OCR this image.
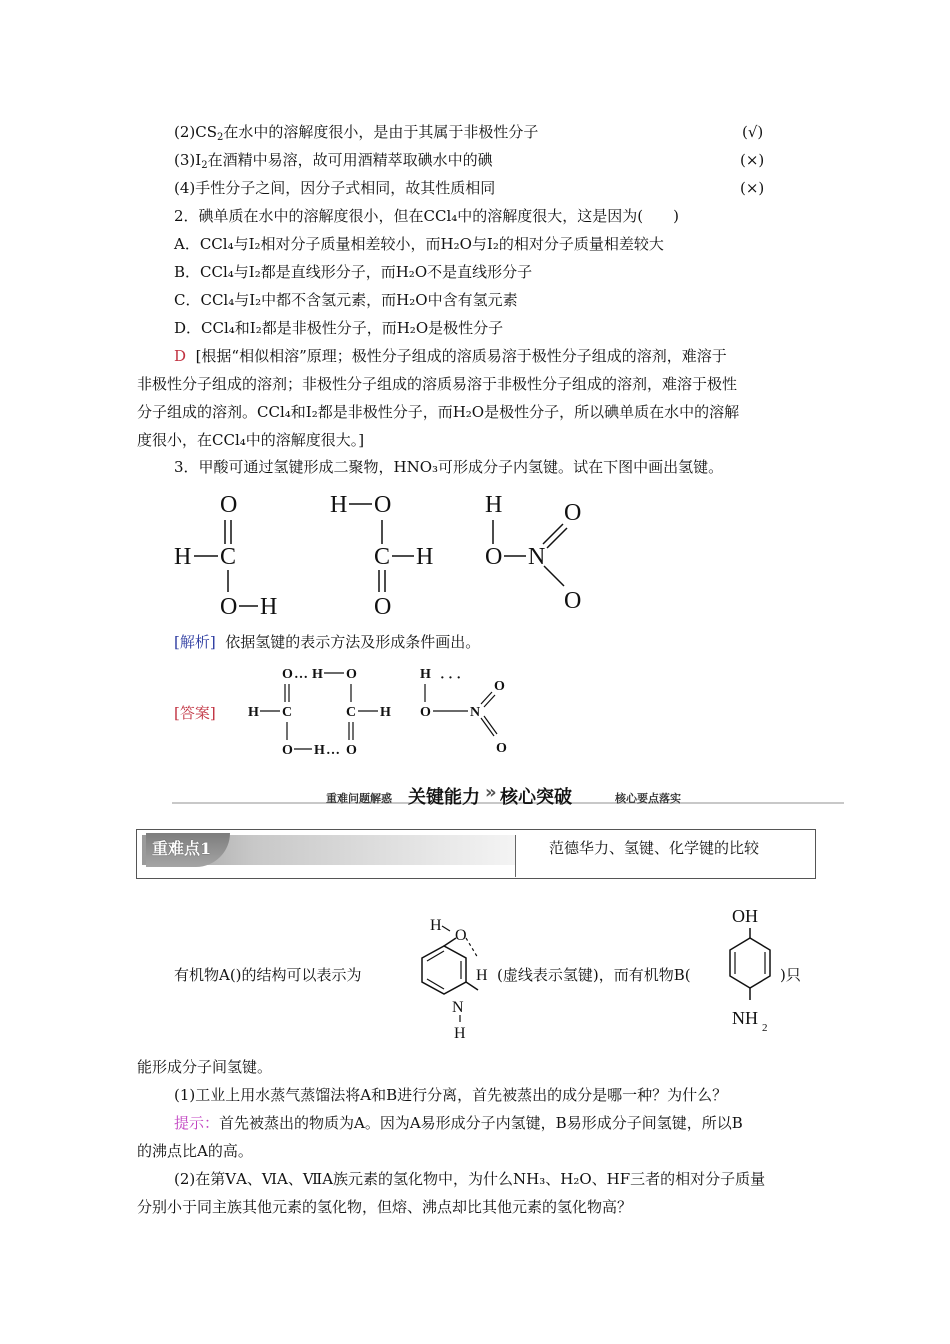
$(2)CS_2$在水中的溶解度很小，是由于其属于非极性分子	(√)
$(3)I_2$在酒精中易溶，故可用酒精萃取碘水中的碘	(×)
(4)手性分子之间，因分子式相同，故其性质相同	(×)
2．碘单质在水中的溶解度很小，但在CCl₄中的溶解度很大，这是因为(　　)
A．CCl₄与I₂相对分子质量相差较小，而H₂O与I₂的相对分子质量相差较大
B．CCl₄与I₂都是直线形分子，而H₂O不是直线形分子
C．CCl₄与I₂中都不含氢元素，而H₂O中含有氢元素
D．CCl₄和I₂都是非极性分子，而H₂O是极性分子
D [根据“相似相溶”原理；极性分子组成的溶质易溶于极性分子组成的溶剂，难溶于
非极性分子组成的溶剂；非极性分子组成的溶质易溶于非极性分子组成的溶剂，难溶于极性
分子组成的溶剂。CCl₄和I₂都是非极性分子，而H₂O是极性分子，所以碘单质在水中的溶解
度很小，在CCl₄中的溶解度很大。]
3．甲酸可通过氢键形成二聚物，HNO₃可形成分子内氢键。试在下图中画出氢键。
O
H C
O H
H O
C H
O
H
O N
O
O
[解析] 依据氢键的表示方法及形成条件画出。
[答案]
O … H O
H C
O H … O
C H
H · · ·
O	N
O
O
重难问题解惑 关键能力 » 核心突破	核心要点落实
重难点1	范德华力、氢键、化学键的比较
有机物A()的结构可以表示为
O
H
H
N
H
(虚线表示氢键)，而有机物B(
OH
NH 2
)只
能形成分子间氢键。
(1)工业上用水蒸气蒸馏法将A和B进行分离，首先被蒸出的成分是哪一种？为什么？
提示：首先被蒸出的物质为A。因为A易形成分子内氢键，B易形成分子间氢键，所以B
的沸点比A的高。
(2)在第ⅤA、ⅥA、ⅦA族元素的氢化物中，为什么NH₃、H₂O、HF三者的相对分子质量
分别小于同主族其他元素的氢化物，但熔、沸点却比其他元素的氢化物高？
